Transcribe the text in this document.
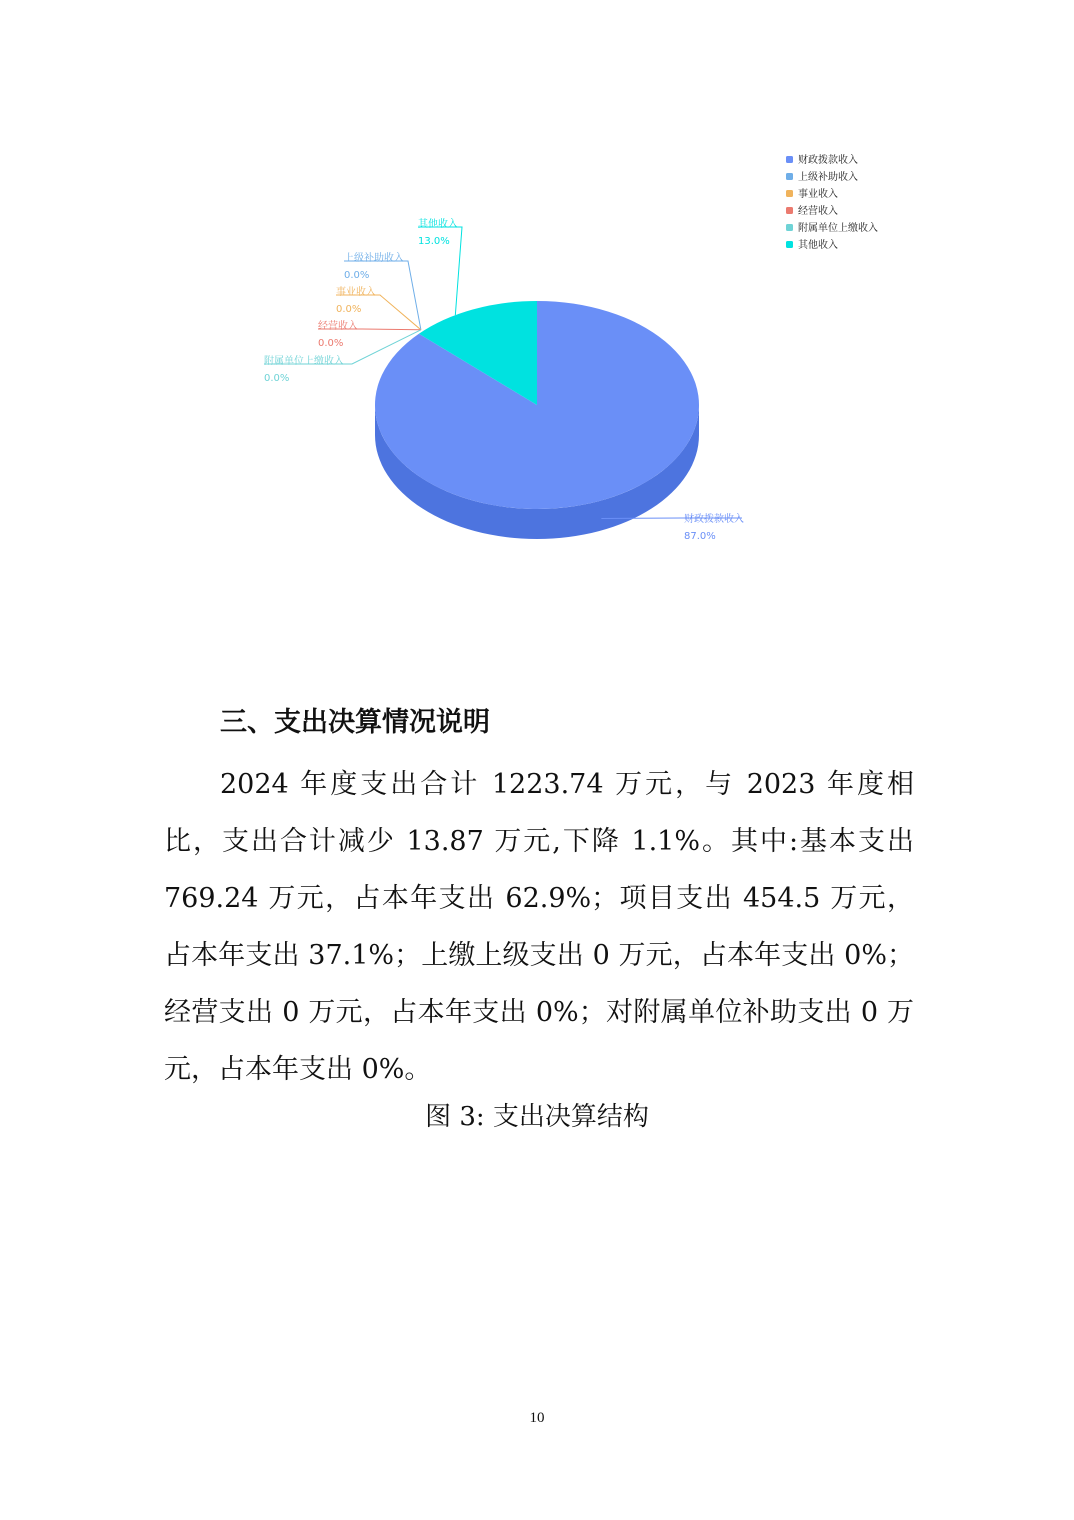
财政拨款收入
87.0%
上级补助收入
0.0%
事业收入
0.0%
经营收入
0.0%
附属单位上缴收入
0.0%
其他收入
13.0%
财政拨款收入
上级补助收入
事业收入
经营收入
附属单位上缴收入
其他收入
三、支出决算情况说明

2024 年度支出合计 1223.74 万元，与 2023 年度相比，支出合计减少 13.87 万元,下降 1.1%。其中:基本支出 769.24 万元，占本年支出 62.9%；项目支出 454.5 万元，占本年支出 37.1%；上缴上级支出 0 万元，占本年支出 0%；经营支出 0 万元，占本年支出 0%；对附属单位补助支出 0 万元，占本年支出 0%。

图 3: 支出决算结构

10
